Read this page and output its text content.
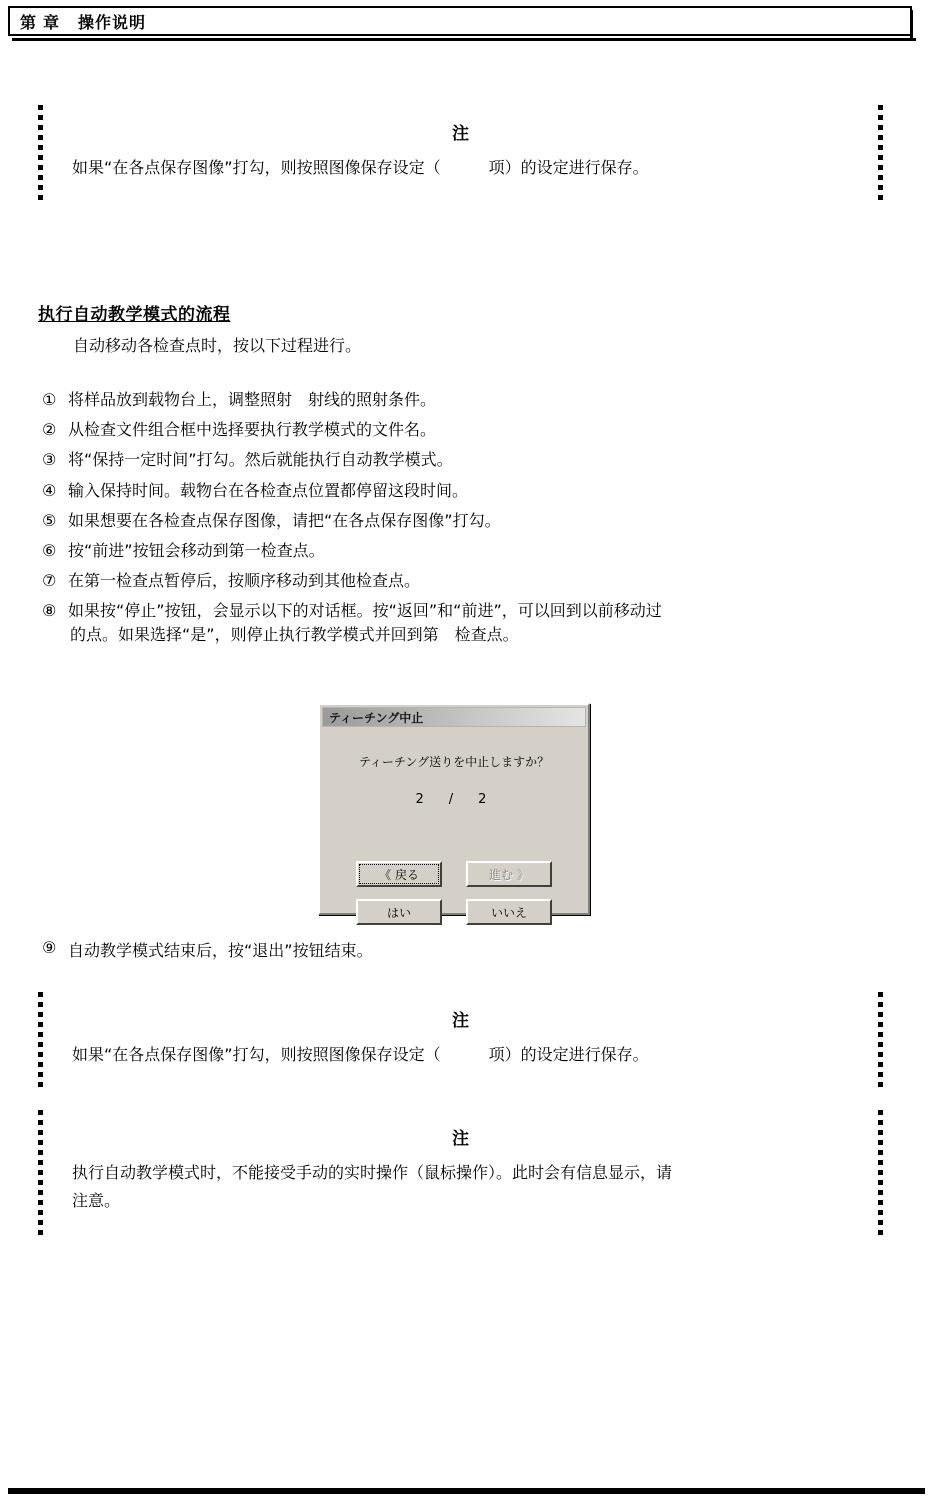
第 章 操作说明
注
如果“在各点保存图像”打勾，则按照图像保存设定（　　　项）的设定进行保存。
执行自动教学模式的流程
自动移动各检查点时，按以下过程进行。
① 将样品放到载物台上，调整照射　射线的照射条件。
② 从检查文件组合框中选择要执行教学模式的文件名。
③ 将“保持一定时间”打勾。然后就能执行自动教学模式。
④ 输入保持时间。载物台在各检查点位置都停留这段时间。
⑤ 如果想要在各检查点保存图像，请把“在各点保存图像”打勾。
⑥ 按“前进”按钮会移动到第一检查点。
⑦ 在第一检查点暂停后，按顺序移动到其他检查点。
⑧ 如果按“停止”按钮，会显示以下的对话框。按“返回”和“前进”，可以回到以前移动过
的点。如果选择“是”，则停止执行教学模式并回到第　检查点。
ティーチング中止
ティーチング送りを中止しますか？
2　/　2
《 戻る	進む 》
はい	いいえ
⑨ 自动教学模式结束后，按“退出”按钮结束。
注
如果“在各点保存图像”打勾，则按照图像保存设定（　　　项）的设定进行保存。
注
执行自动教学模式时，不能接受手动的实时操作（鼠标操作）。此时会有信息显示，请
注意。
